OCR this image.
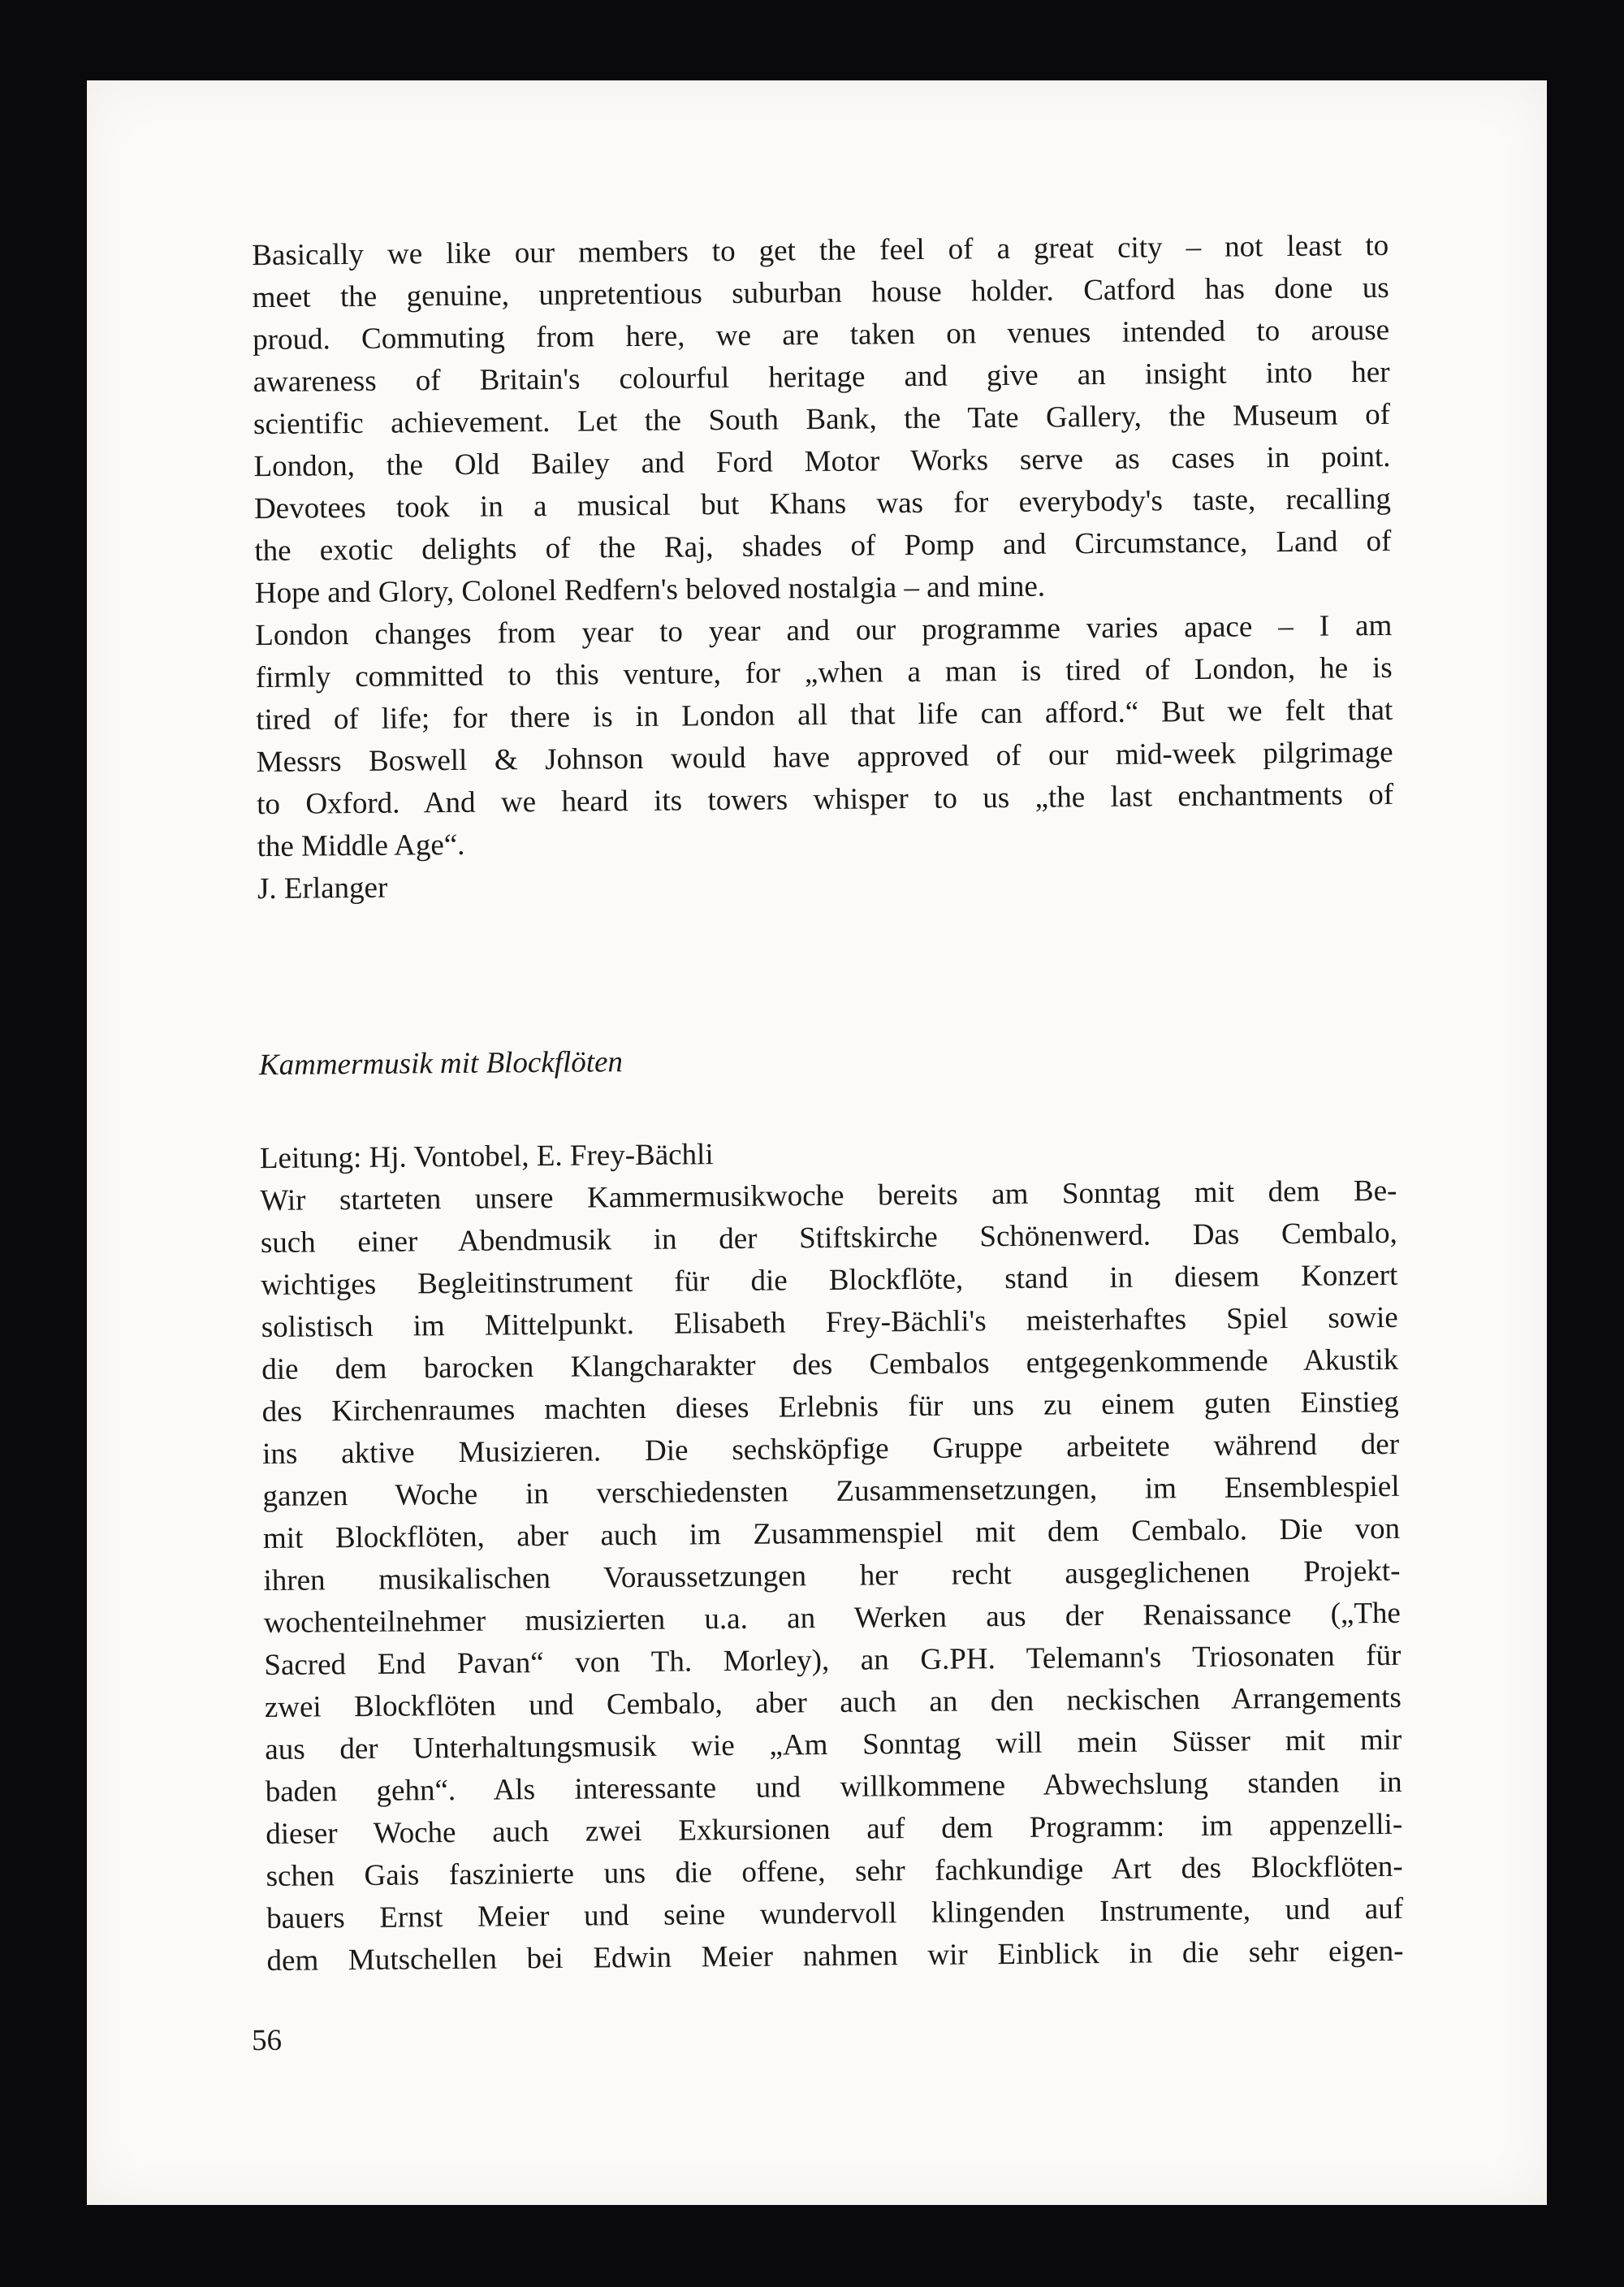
Basically we like our members to get the feel of a great city – not least to
meet the genuine, unpretentious suburban house holder. Catford has done us
proud. Commuting from here, we are taken on venues intended to arouse
awareness of Britain's colourful heritage and give an insight into her
scientific achievement. Let the South Bank, the Tate Gallery, the Museum of
London, the Old Bailey and Ford Motor Works serve as cases in point.
Devotees took in a musical but Khans was for everybody's taste, recalling
the exotic delights of the Raj, shades of Pomp and Circumstance, Land of
Hope and Glory, Colonel Redfern's beloved nostalgia – and mine.
London changes from year to year and our programme varies apace – I am
firmly committed to this venture, for „when a man is tired of London, he is
tired of life; for there is in London all that life can afford.“ But we felt that
Messrs Boswell & Johnson would have approved of our mid-week pilgrimage
to Oxford. And we heard its towers whisper to us „the last enchantments of
the Middle Age“.
J. Erlanger
Kammermusik mit Blockflöten
Leitung: Hj. Vontobel, E. Frey-Bächli
Wir starteten unsere Kammermusikwoche bereits am Sonntag mit dem Be-
such einer Abendmusik in der Stiftskirche Schönenwerd. Das Cembalo,
wichtiges Begleitinstrument für die Blockflöte, stand in diesem Konzert
solistisch im Mittelpunkt. Elisabeth Frey-Bächli's meisterhaftes Spiel sowie
die dem barocken Klangcharakter des Cembalos entgegenkommende Akustik
des Kirchenraumes machten dieses Erlebnis für uns zu einem guten Einstieg
ins aktive Musizieren. Die sechsköpfige Gruppe arbeitete während der
ganzen Woche in verschiedensten Zusammensetzungen, im Ensemblespiel
mit Blockflöten, aber auch im Zusammenspiel mit dem Cembalo. Die von
ihren musikalischen Voraussetzungen her recht ausgeglichenen Projekt-
wochenteilnehmer musizierten u.a. an Werken aus der Renaissance („The
Sacred End Pavan“ von Th. Morley), an G.PH. Telemann's Triosonaten für
zwei Blockflöten und Cembalo, aber auch an den neckischen Arrangements
aus der Unterhaltungsmusik wie „Am Sonntag will mein Süsser mit mir
baden gehn“. Als interessante und willkommene Abwechslung standen in
dieser Woche auch zwei Exkursionen auf dem Programm: im appenzelli-
schen Gais faszinierte uns die offene, sehr fachkundige Art des Blockflöten-
bauers Ernst Meier und seine wundervoll klingenden Instrumente, und auf
dem Mutschellen bei Edwin Meier nahmen wir Einblick in die sehr eigen-
56
